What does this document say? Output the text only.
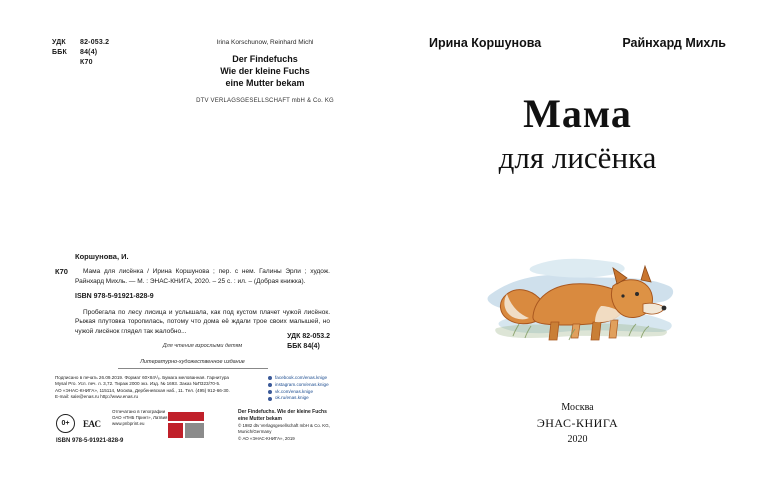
УДК	82-053.2
ББК	84(4)
К70
Irina Korschunow, Reinhard Michl
Der Findefuchs
Wie der kleine Fuchs
eine Mutter bekam
DTV VERLAGSGESELLSCHAFT mbH & Co. KG
Коршунова, И.
К70	Мама для лисёнка / Ирина Коршунова ; пер. с нем. Галины Эрли ; худож. Райнхард Михль. — М. : ЭНАС-КНИГА, 2020. – 25 с. : ил. – (Добрая книжка).
ISBN 978-5-91921-828-9
Пробегала по лесу лисица и услышала, как под кустом плачет чужой лисёнок. Рыжая плутовка торопилась, потому что дома её ждали трое своих малышей, но чужой лисёнок глядел так жалобно...
Для чтения взрослыми детям
УДК 82-053.2
ББК 84(4)
Литературно-художественное издание
Подписано в печать 26.09.2019. Формат 60×84¹/₈. Бумага мелованная. Гарнитура
Mysal Pro. Усл. печ. л. 3,72. Тираж 2000 экз. Изд. № 1693. Заказ №П323/70-5.
АО «ЭНАС-КНИГА», 115114, Москва, Дербеневская наб., 11. Тел. (495) 912-66-30.
E-mail: sale@enas.ru http://www.enas.ru
facebook.com/enas.knige
instagram.com/enas.knige
vk.com/enas.knige
ok.ru/enas.knige
Отпечатано в типографии
ОАО «ПНБ Принт», Латвия
www.pnbprint.eu
0+	ЕAC
ISBN 978-5-91921-828-9
Der Findefuchs. Wie der kleine Fuchs
eine Mutter bekam
© 1982 dtv Verlagsgesellschaft mbH & Co. KG,
Munich/Germany
© АО «ЭНАС-КНИГА», 2019
Ирина Коршунова	Райнхард Михль
Мама
для лисёнка
Москва
ЭНАС-КНИГА
2020
